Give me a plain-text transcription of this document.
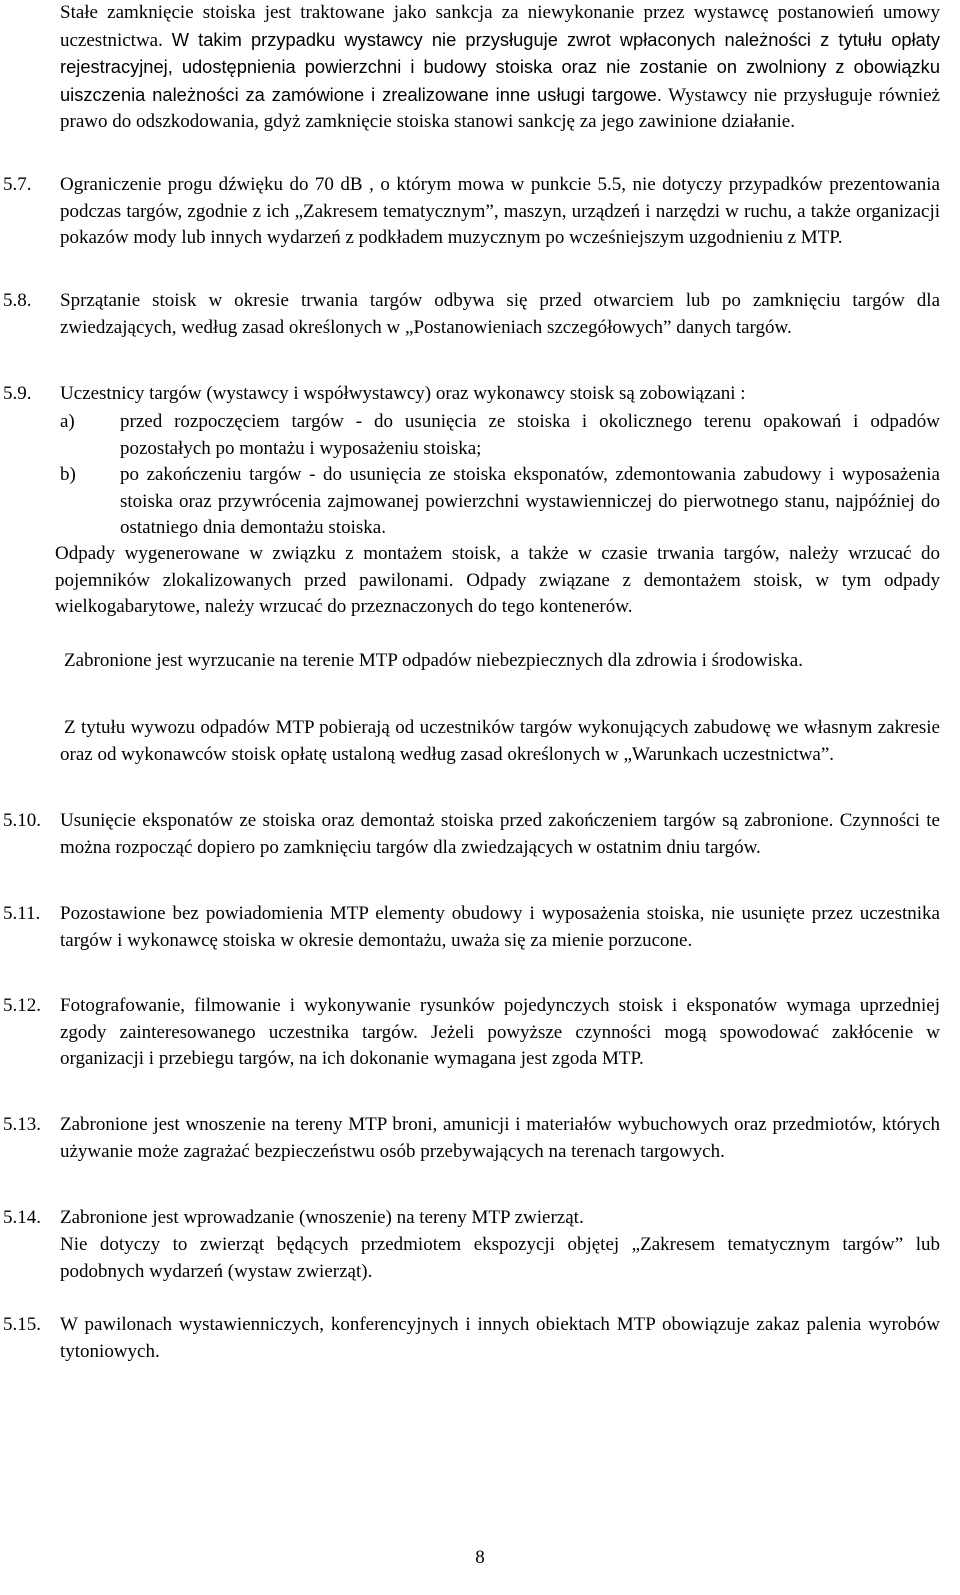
Stałe zamknięcie stoiska jest traktowane jako sankcja za niewykonanie przez wystawcę postanowień umowy uczestnictwa. W takim przypadku wystawcy nie przysługuje zwrot wpłaconych należności z tytułu opłaty rejestracyjnej, udostępnienia powierzchni i budowy stoiska oraz nie zostanie on zwolniony z obowiązku uiszczenia należności za zamówione i zrealizowane inne usługi targowe. Wystawcy nie przysługuje również prawo do odszkodowania, gdyż zamknięcie stoiska stanowi sankcję za jego zawinione działanie.

5.7. Ograniczenie progu dźwięku do 70 dB , o którym mowa w punkcie 5.5, nie dotyczy przypadków prezentowania podczas targów, zgodnie z ich „Zakresem tematycznym”, maszyn, urządzeń i narzędzi w ruchu, a także organizacji pokazów mody lub innych wydarzeń z podkładem muzycznym po wcześniejszym uzgodnieniu z MTP.

5.8. Sprzątanie stoisk w okresie trwania targów odbywa się przed otwarciem lub po zamknięciu targów dla zwiedzających, według zasad określonych w „Postanowieniach szczegółowych” danych targów.

5.9. Uczestnicy targów (wystawcy i współwystawcy) oraz wykonawcy stoisk są zobowiązani :

a) przed rozpoczęciem targów - do usunięcia ze stoiska i okolicznego terenu opakowań i odpadów pozostałych po montażu i wyposażeniu stoiska;

b) po zakończeniu targów - do usunięcia ze stoiska eksponatów, zdemontowania zabudowy i wyposażenia stoiska oraz przywrócenia zajmowanej powierzchni wystawienniczej do pierwotnego stanu, najpóźniej do ostatniego dnia demontażu stoiska.

Odpady wygenerowane w związku z montażem stoisk, a także w czasie trwania targów, należy wrzucać do pojemników zlokalizowanych przed pawilonami. Odpady związane z demontażem stoisk, w tym odpady wielkogabarytowe, należy wrzucać do przeznaczonych do tego kontenerów.

Zabronione jest wyrzucanie na terenie MTP odpadów niebezpiecznych dla zdrowia i środowiska.

Z tytułu wywozu odpadów MTP pobierają od uczestników targów wykonujących zabudowę we własnym zakresie oraz od wykonawców stoisk opłatę ustaloną według zasad określonych w „Warunkach uczestnictwa”.

5.10. Usunięcie eksponatów ze stoiska oraz demontaż stoiska przed zakończeniem targów są zabronione. Czynności te można rozpocząć dopiero po zamknięciu targów dla zwiedzających w ostatnim dniu targów.

5.11. Pozostawione bez powiadomienia MTP elementy obudowy i wyposażenia stoiska, nie usunięte przez uczestnika targów i wykonawcę stoiska w okresie demontażu, uważa się za mienie porzucone.

5.12. Fotografowanie, filmowanie i wykonywanie rysunków pojedynczych stoisk i eksponatów wymaga uprzedniej zgody zainteresowanego uczestnika targów. Jeżeli powyższe czynności mogą spowodować zakłócenie w organizacji i przebiegu targów, na ich dokonanie wymagana jest zgoda MTP.

5.13. Zabronione jest wnoszenie na tereny MTP broni, amunicji i materiałów wybuchowych oraz przedmiotów, których używanie może zagrażać bezpieczeństwu osób przebywających na terenach targowych.

5.14. Zabronione jest wprowadzanie (wnoszenie) na tereny MTP zwierząt.

Nie dotyczy to zwierząt będących przedmiotem ekspozycji objętej „Zakresem tematycznym targów” lub podobnych wydarzeń (wystaw zwierząt).

5.15. W pawilonach wystawienniczych, konferencyjnych i innych obiektach MTP obowiązuje zakaz palenia wyrobów tytoniowych.

8
